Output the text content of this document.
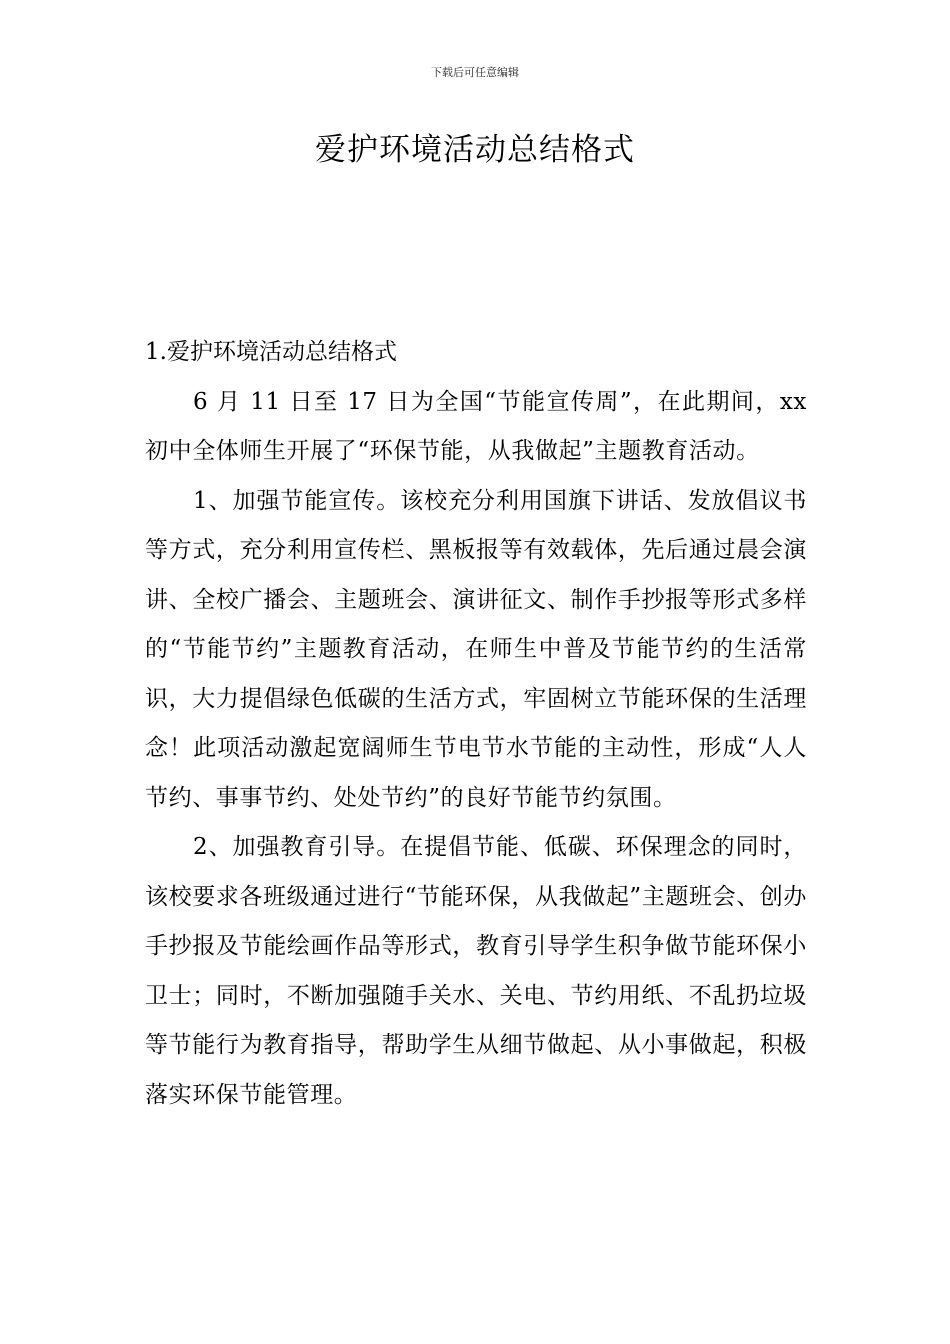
下载后可任意编辑
爱护环境活动总结格式

1.爱护环境活动总结格式

6 月 11 日至 17 日为全国“节能宣传周”，在此期间，xx 初中全体师生开展了“环保节能，从我做起”主题教育活动。

1、加强节能宣传。该校充分利用国旗下讲话、发放倡议书等方式，充分利用宣传栏、黑板报等有效载体，先后通过晨会演讲、全校广播会、主题班会、演讲征文、制作手抄报等形式多样的“节能节约”主题教育活动，在师生中普及节能节约的生活常识，大力提倡绿色低碳的生活方式，牢固树立节能环保的生活理念！此项活动激起宽阔师生节电节水节能的主动性，形成“人人节约、事事节约、处处节约”的良好节能节约氛围。

2、加强教育引导。在提倡节能、低碳、环保理念的同时，该校要求各班级通过进行“节能环保，从我做起”主题班会、创办手抄报及节能绘画作品等形式，教育引导学生积争做节能环保小卫士；同时，不断加强随手关水、关电、节约用纸、不乱扔垃圾等节能行为教育指导，帮助学生从细节做起、从小事做起，积极落实环保节能管理。
